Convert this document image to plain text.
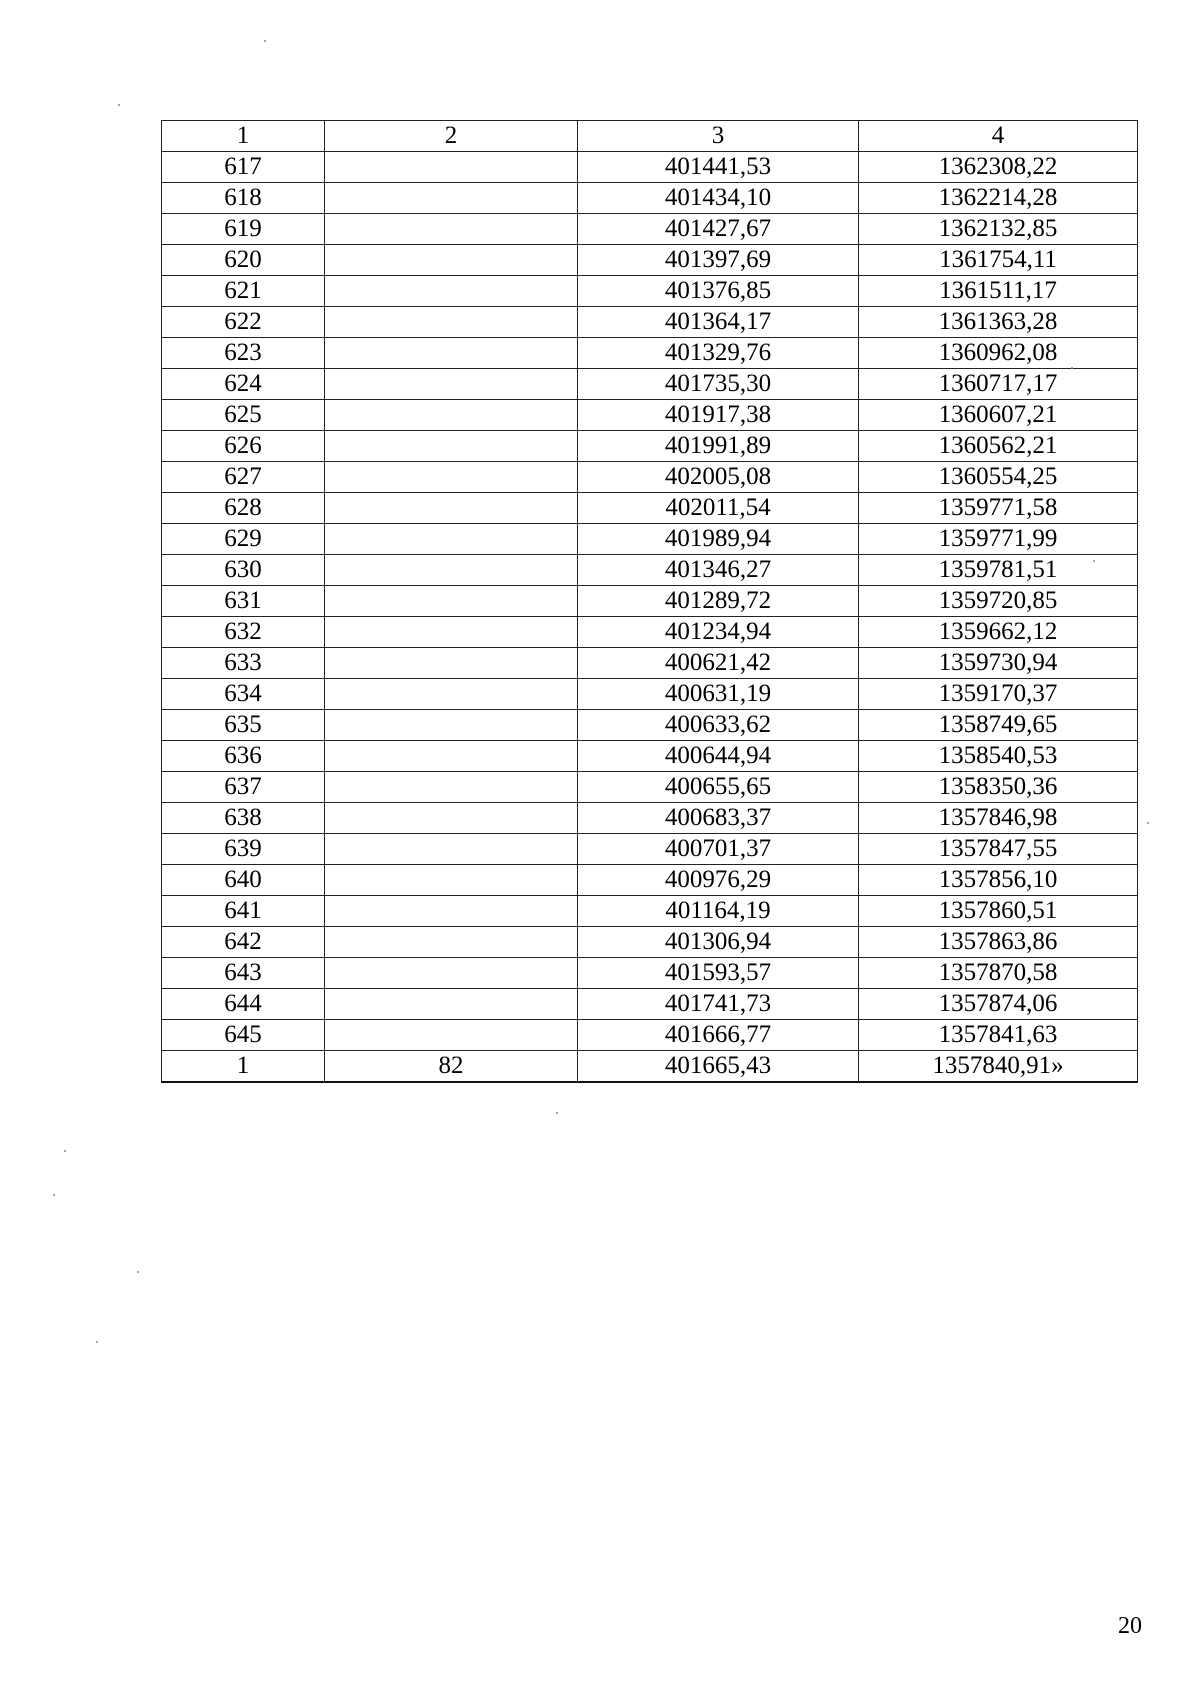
1	2	3	4
617		401441,53	1362308,22
618		401434,10	1362214,28
619		401427,67	1362132,85
620		401397,69	1361754,11
621		401376,85	1361511,17
622		401364,17	1361363,28
623		401329,76	1360962,08
624		401735,30	1360717,17
625		401917,38	1360607,21
626		401991,89	1360562,21
627		402005,08	1360554,25
628		402011,54	1359771,58
629		401989,94	1359771,99
630		401346,27	1359781,51
631		401289,72	1359720,85
632		401234,94	1359662,12
633		400621,42	1359730,94
634		400631,19	1359170,37
635		400633,62	1358749,65
636		400644,94	1358540,53
637		400655,65	1358350,36
638		400683,37	1357846,98
639		400701,37	1357847,55
640		400976,29	1357856,10
641		401164,19	1357860,51
642		401306,94	1357863,86
643		401593,57	1357870,58
644		401741,73	1357874,06
645		401666,77	1357841,63
1	82	401665,43	1357840,91»
20
